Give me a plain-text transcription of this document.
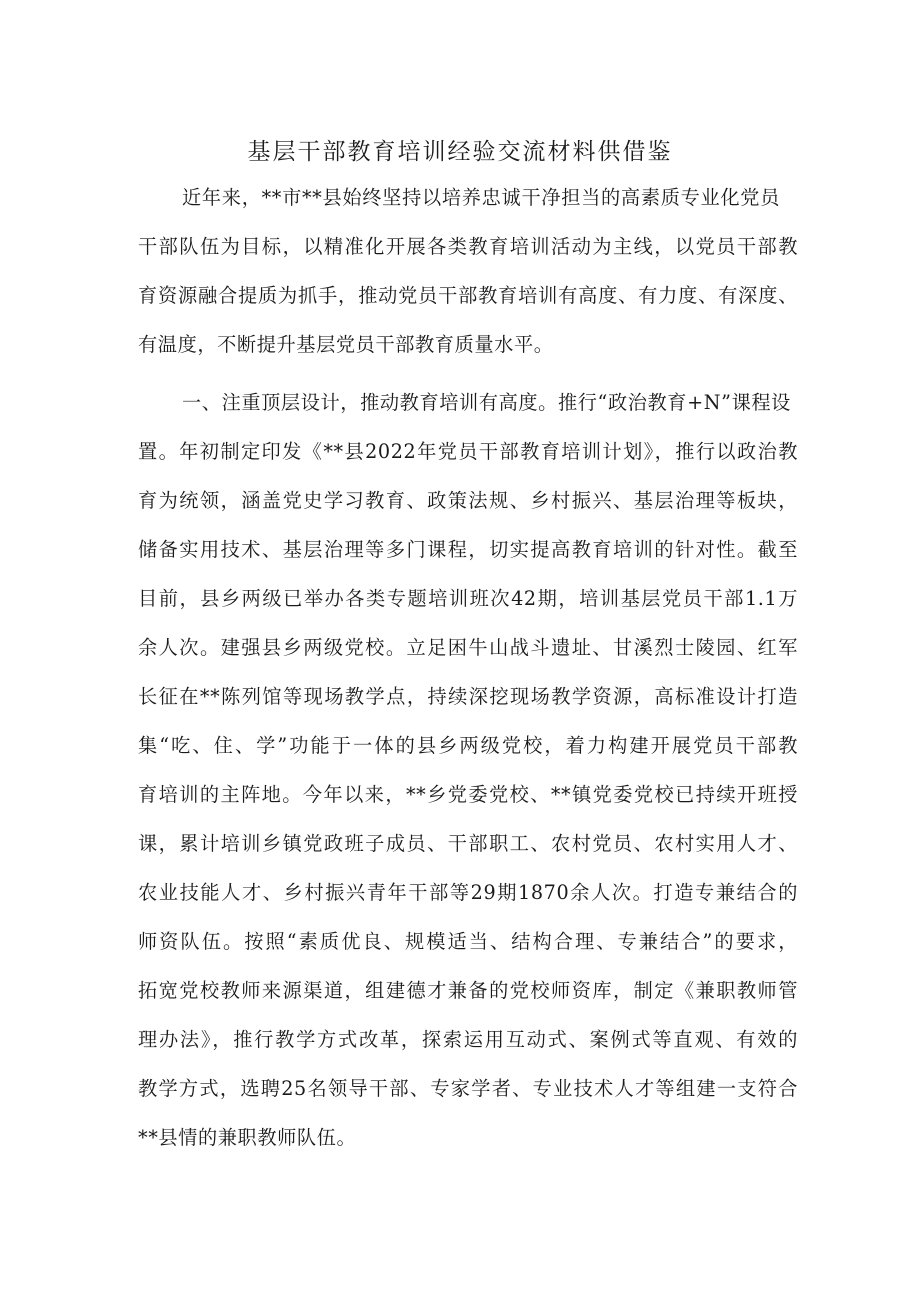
基层干部教育培训经验交流材料供借鉴
近年来，**市**县始终坚持以培养忠诚干净担当的高素质专业化党员
干部队伍为目标，以精准化开展各类教育培训活动为主线，以党员干部教
育资源融合提质为抓手，推动党员干部教育培训有高度、有力度、有深度、
有温度，不断提升基层党员干部教育质量水平。
一、注重顶层设计，推动教育培训有高度。推行“政治教育+N”课程设
置。年初制定印发《**县2022年党员干部教育培训计划》，推行以政治教
育为统领，涵盖党史学习教育、政策法规、乡村振兴、基层治理等板块，
储备实用技术、基层治理等多门课程，切实提高教育培训的针对性。截至
目前，县乡两级已举办各类专题培训班次42期，培训基层党员干部1.1万
余人次。建强县乡两级党校。立足困牛山战斗遗址、甘溪烈士陵园、红军
长征在**陈列馆等现场教学点，持续深挖现场教学资源，高标准设计打造
集“吃、住、学”功能于一体的县乡两级党校，着力构建开展党员干部教
育培训的主阵地。今年以来，**乡党委党校、**镇党委党校已持续开班授
课，累计培训乡镇党政班子成员、干部职工、农村党员、农村实用人才、
农业技能人才、乡村振兴青年干部等29期1870余人次。打造专兼结合的
师资队伍。按照“素质优良、规模适当、结构合理、专兼结合”的要求，
拓宽党校教师来源渠道，组建德才兼备的党校师资库，制定《兼职教师管
理办法》，推行教学方式改革，探索运用互动式、案例式等直观、有效的
教学方式，选聘25名领导干部、专家学者、专业技术人才等组建一支符合
**县情的兼职教师队伍。
